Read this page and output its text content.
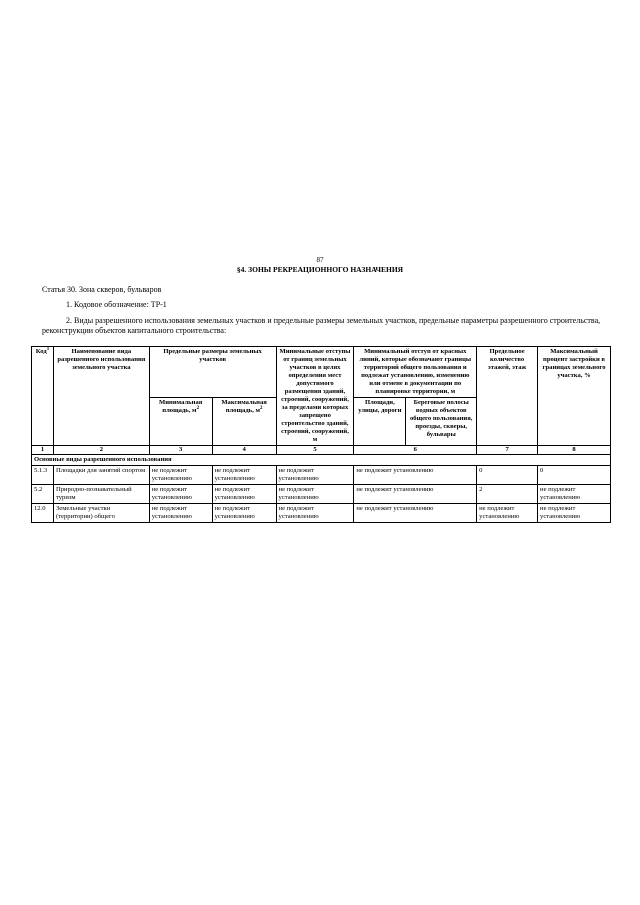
87
§4. ЗОНЫ РЕКРЕАЦИОННОГО НАЗНАЧЕНИЯ
Статья 30. Зона скверов, бульваров
1. Кодовое обозначение: ТР-1
2. Виды разрешенного использования земельных участков и предельные размеры земельных участков, предельные параметры разрешенного строительства, реконструкции объектов капитального строительства:
Код$^1$	Наименование вида разрешенного использования земельного участка	Предельные размеры земельных участков		Минимальные отступы от границ земельных участков в целях определения мест допустимого размещения зданий, строений, сооружений, за пределами которых запрещено строительство зданий, строений, сооружений, м	Минимальный отступ от красных линий, которые обозначают границы территорий общего пользования и подлежат установлению, изменению или отмене в документации по планировке территории, м		Предельное количество этажей, этаж	Максимальный процент застройки в границах земельного участка, %
		Минимальная площадь, $м^2$	Максимальная площадь, $м^2$		Площади, улицы, дороги	Береговые полосы водных объектов общего пользования, проезды, скверы, бульвары		

1	2	3	4	5	6		7	8
Основные виды разрешенного использования								
5.1.3	Площадки для занятий спортом	не подлежит установлению	не подлежит установлению	не подлежит установлению	не подлежит установлению		0	0
5.2	Природно-познавательный туризм	не подлежит установлению	не подлежит установлению	не подлежит установлению	не подлежит установлению		2	не подлежит установлению
12.0	Земельные участки (территории) общего	не подлежит установлению	не подлежит установлению	не подлежит установлению	не подлежит установлению		не подлежит установлению	не подлежит установлению
